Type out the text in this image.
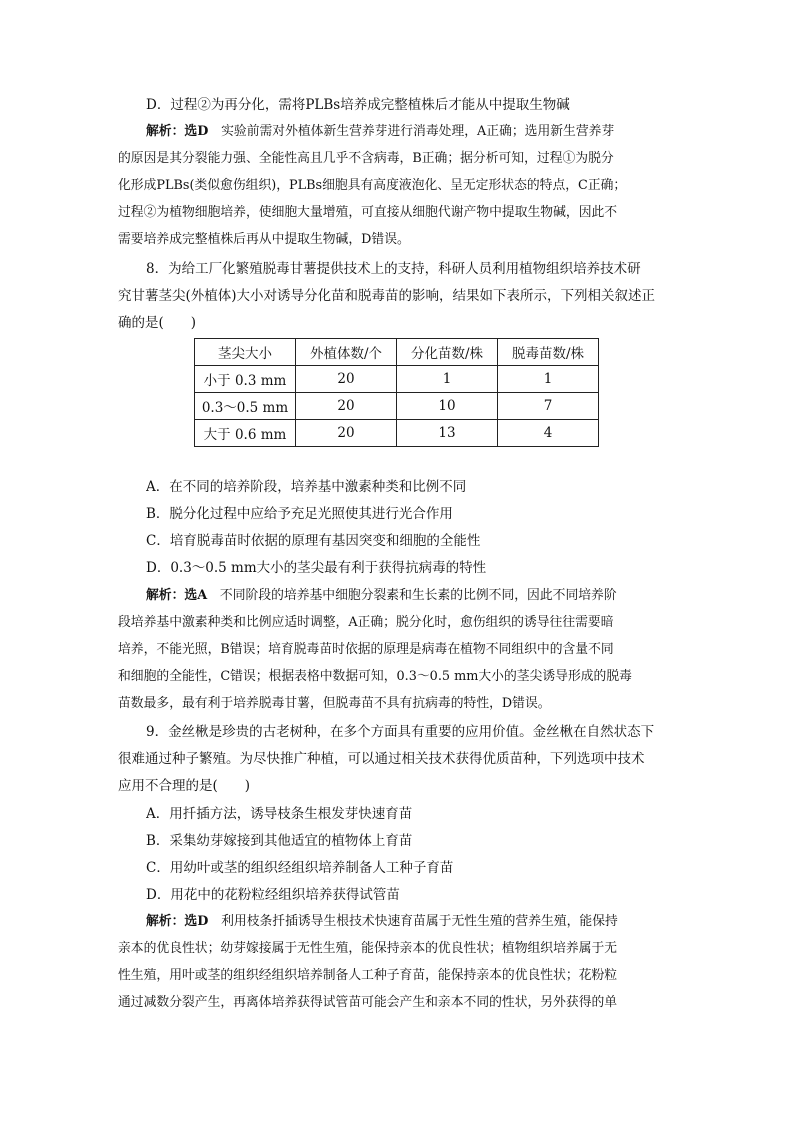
D．过程②为再分化，需将PLBs培养成完整植株后才能从中提取生物碱
解析：选D　实验前需对外植体新生营养芽进行消毒处理，A正确；选用新生营养芽
的原因是其分裂能力强、全能性高且几乎不含病毒，B正确；据分析可知，过程①为脱分
化形成PLBs(类似愈伤组织)，PLBs细胞具有高度液泡化、呈无定形状态的特点，C正确；
过程②为植物细胞培养，使细胞大量增殖，可直接从细胞代谢产物中提取生物碱，因此不
需要培养成完整植株后再从中提取生物碱，D错误。
8．为给工厂化繁殖脱毒甘薯提供技术上的支持，科研人员利用植物组织培养技术研
究甘薯茎尖(外植体)大小对诱导分化苗和脱毒苗的影响，结果如下表所示，下列相关叙述正
确的是(　　)
茎尖大小	外植体数/个	分化苗数/株	脱毒苗数/株
小于 0.3 mm	20	1	1
0.3～0.5 mm	20	10	7
大于 0.6 mm	20	13	4
A．在不同的培养阶段，培养基中激素种类和比例不同
B．脱分化过程中应给予充足光照使其进行光合作用
C．培育脱毒苗时依据的原理有基因突变和细胞的全能性
D．0.3～0.5 mm大小的茎尖最有利于获得抗病毒的特性
解析：选A　不同阶段的培养基中细胞分裂素和生长素的比例不同，因此不同培养阶
段培养基中激素种类和比例应适时调整，A正确；脱分化时，愈伤组织的诱导往往需要暗
培养，不能光照，B错误；培育脱毒苗时依据的原理是病毒在植物不同组织中的含量不同
和细胞的全能性，C错误；根据表格中数据可知，0.3～0.5 mm大小的茎尖诱导形成的脱毒
苗数最多，最有利于培养脱毒甘薯，但脱毒苗不具有抗病毒的特性，D错误。
9．金丝楸是珍贵的古老树种，在多个方面具有重要的应用价值。金丝楸在自然状态下
很难通过种子繁殖。为尽快推广种植，可以通过相关技术获得优质苗种，下列选项中技术
应用不合理的是(　　)
A．用扦插方法，诱导枝条生根发芽快速育苗
B．采集幼芽嫁接到其他适宜的植物体上育苗
C．用幼叶或茎的组织经组织培养制备人工种子育苗
D．用花中的花粉粒经组织培养获得试管苗
解析：选D　利用枝条扦插诱导生根技术快速育苗属于无性生殖的营养生殖，能保持
亲本的优良性状；幼芽嫁接属于无性生殖，能保持亲本的优良性状；植物组织培养属于无
性生殖，用叶或茎的组织经组织培养制备人工种子育苗，能保持亲本的优良性状；花粉粒
通过减数分裂产生，再离体培养获得试管苗可能会产生和亲本不同的性状，另外获得的单
